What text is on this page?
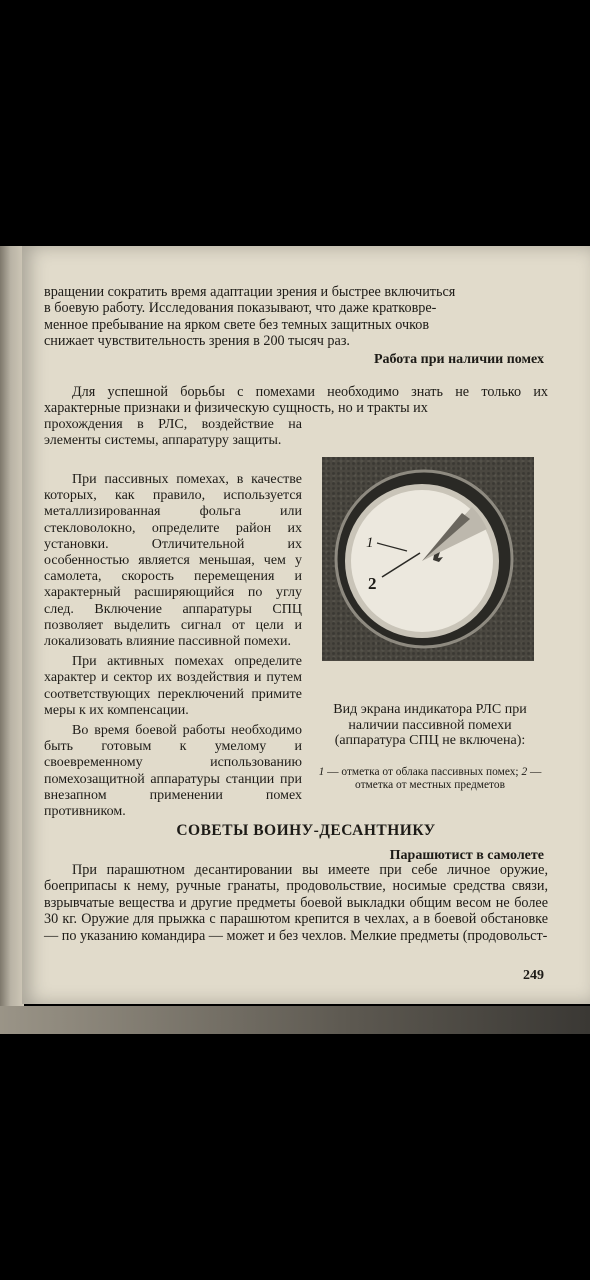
вращении сократить время адаптации зрения и быстрее включиться

в боевую работу. Исследования показывают, что даже кратковре-

менное пребывание на ярком свете без темных защитных очков

снижает чувствительность зрения в 200 тысяч раз.

Работа при наличии помех

Для успешной борьбы с помехами необходимо знать не только их характерные признаки и физическую сущность, но и тракты их

прохождения в РЛС, воздействие на элементы системы, аппаратуру защиты.

При пассивных помехах, в качестве которых, как правило, используется металлизированная фольга или стекловолокно, определите район их установки. Отличительной их особенностью является меньшая, чем у самолета, скорость перемещения и характерный расширяющийся по углу след. Включение аппаратуры СПЦ позволяет выделить сигнал от цели и локализовать влияние пассивной помехи.

При активных помехах определите характер и сектор их воздействия и путем соответствующих переключений примите меры к их компенсации.

Во время боевой работы необходимо быть готовым к умелому и своевременному использованию помехозащитной аппаратуры станции при внезапном применении помех противником.

1
2
Вид экрана индикатора РЛС при наличии пассивной помехи (аппаратура СПЦ не включена):
1 — отметка от облака пассивных помех; 2 — отметка от местных предметов
СОВЕТЫ ВОИНУ-ДЕСАНТНИКУ
Парашютист в самолете

При парашютном десантировании вы имеете при себе личное оружие, боеприпасы к нему, ручные гранаты, продовольствие, носимые средства связи, взрывчатые вещества и другие предметы боевой выкладки общим весом не более 30 кг. Оружие для прыжка с парашютом крепится в чехлах, а в боевой обстановке — по указанию командира — может и без чехлов. Мелкие предметы (продовольст-

249
